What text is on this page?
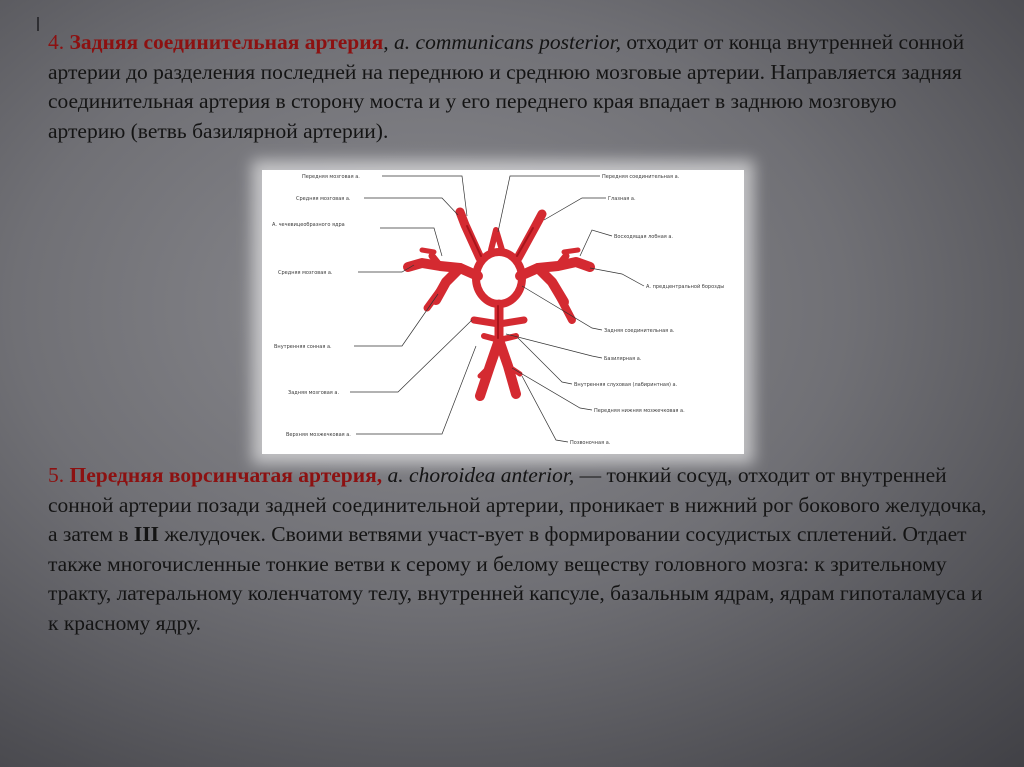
4. Задняя соединительная артерия, а. communicans posterior, отходит от конца внутренней сонной артерии до разделения последней на переднюю и среднюю мозговые артерии. Направляется задняя соединительная артерия в сторону моста и у его переднего края впадает в заднюю мозговую артерию (ветвь базилярной артерии).

Передняя мозговая а.
Средняя мозговая а.
А. чечевицеобразного ядра
Средняя мозговая а.
Внутренняя сонная а.
Задняя мозговая а.
Верхняя мозжечковая а.
Передняя соединительная а.
Глазная а.
Восходящая лобная а.
А. предцентральной борозды
Задняя соединительная а.
Базилярная а.
Внутренняя слуховая (лабиринтная) а.
Передняя нижняя мозжечковая а.
Позвоночная а.

5. Передняя ворсинчатая артерия, a. choroidea anterior, — тонкий сосуд, отходит от внутренней сонной артерии позади задней соединительной артерии, проникает в нижний рог бокового желудочка, а затем в III желудочек. Своими ветвями участ-вует в формировании сосудистых сплетений. Отдает также многочисленные тонкие ветви к серому и белому веществу головного мозга: к зрительному тракту, латеральному коленчатому телу, внутренней капсуле, базальным ядрам, ядрам гипоталамуса и к красному ядру.
